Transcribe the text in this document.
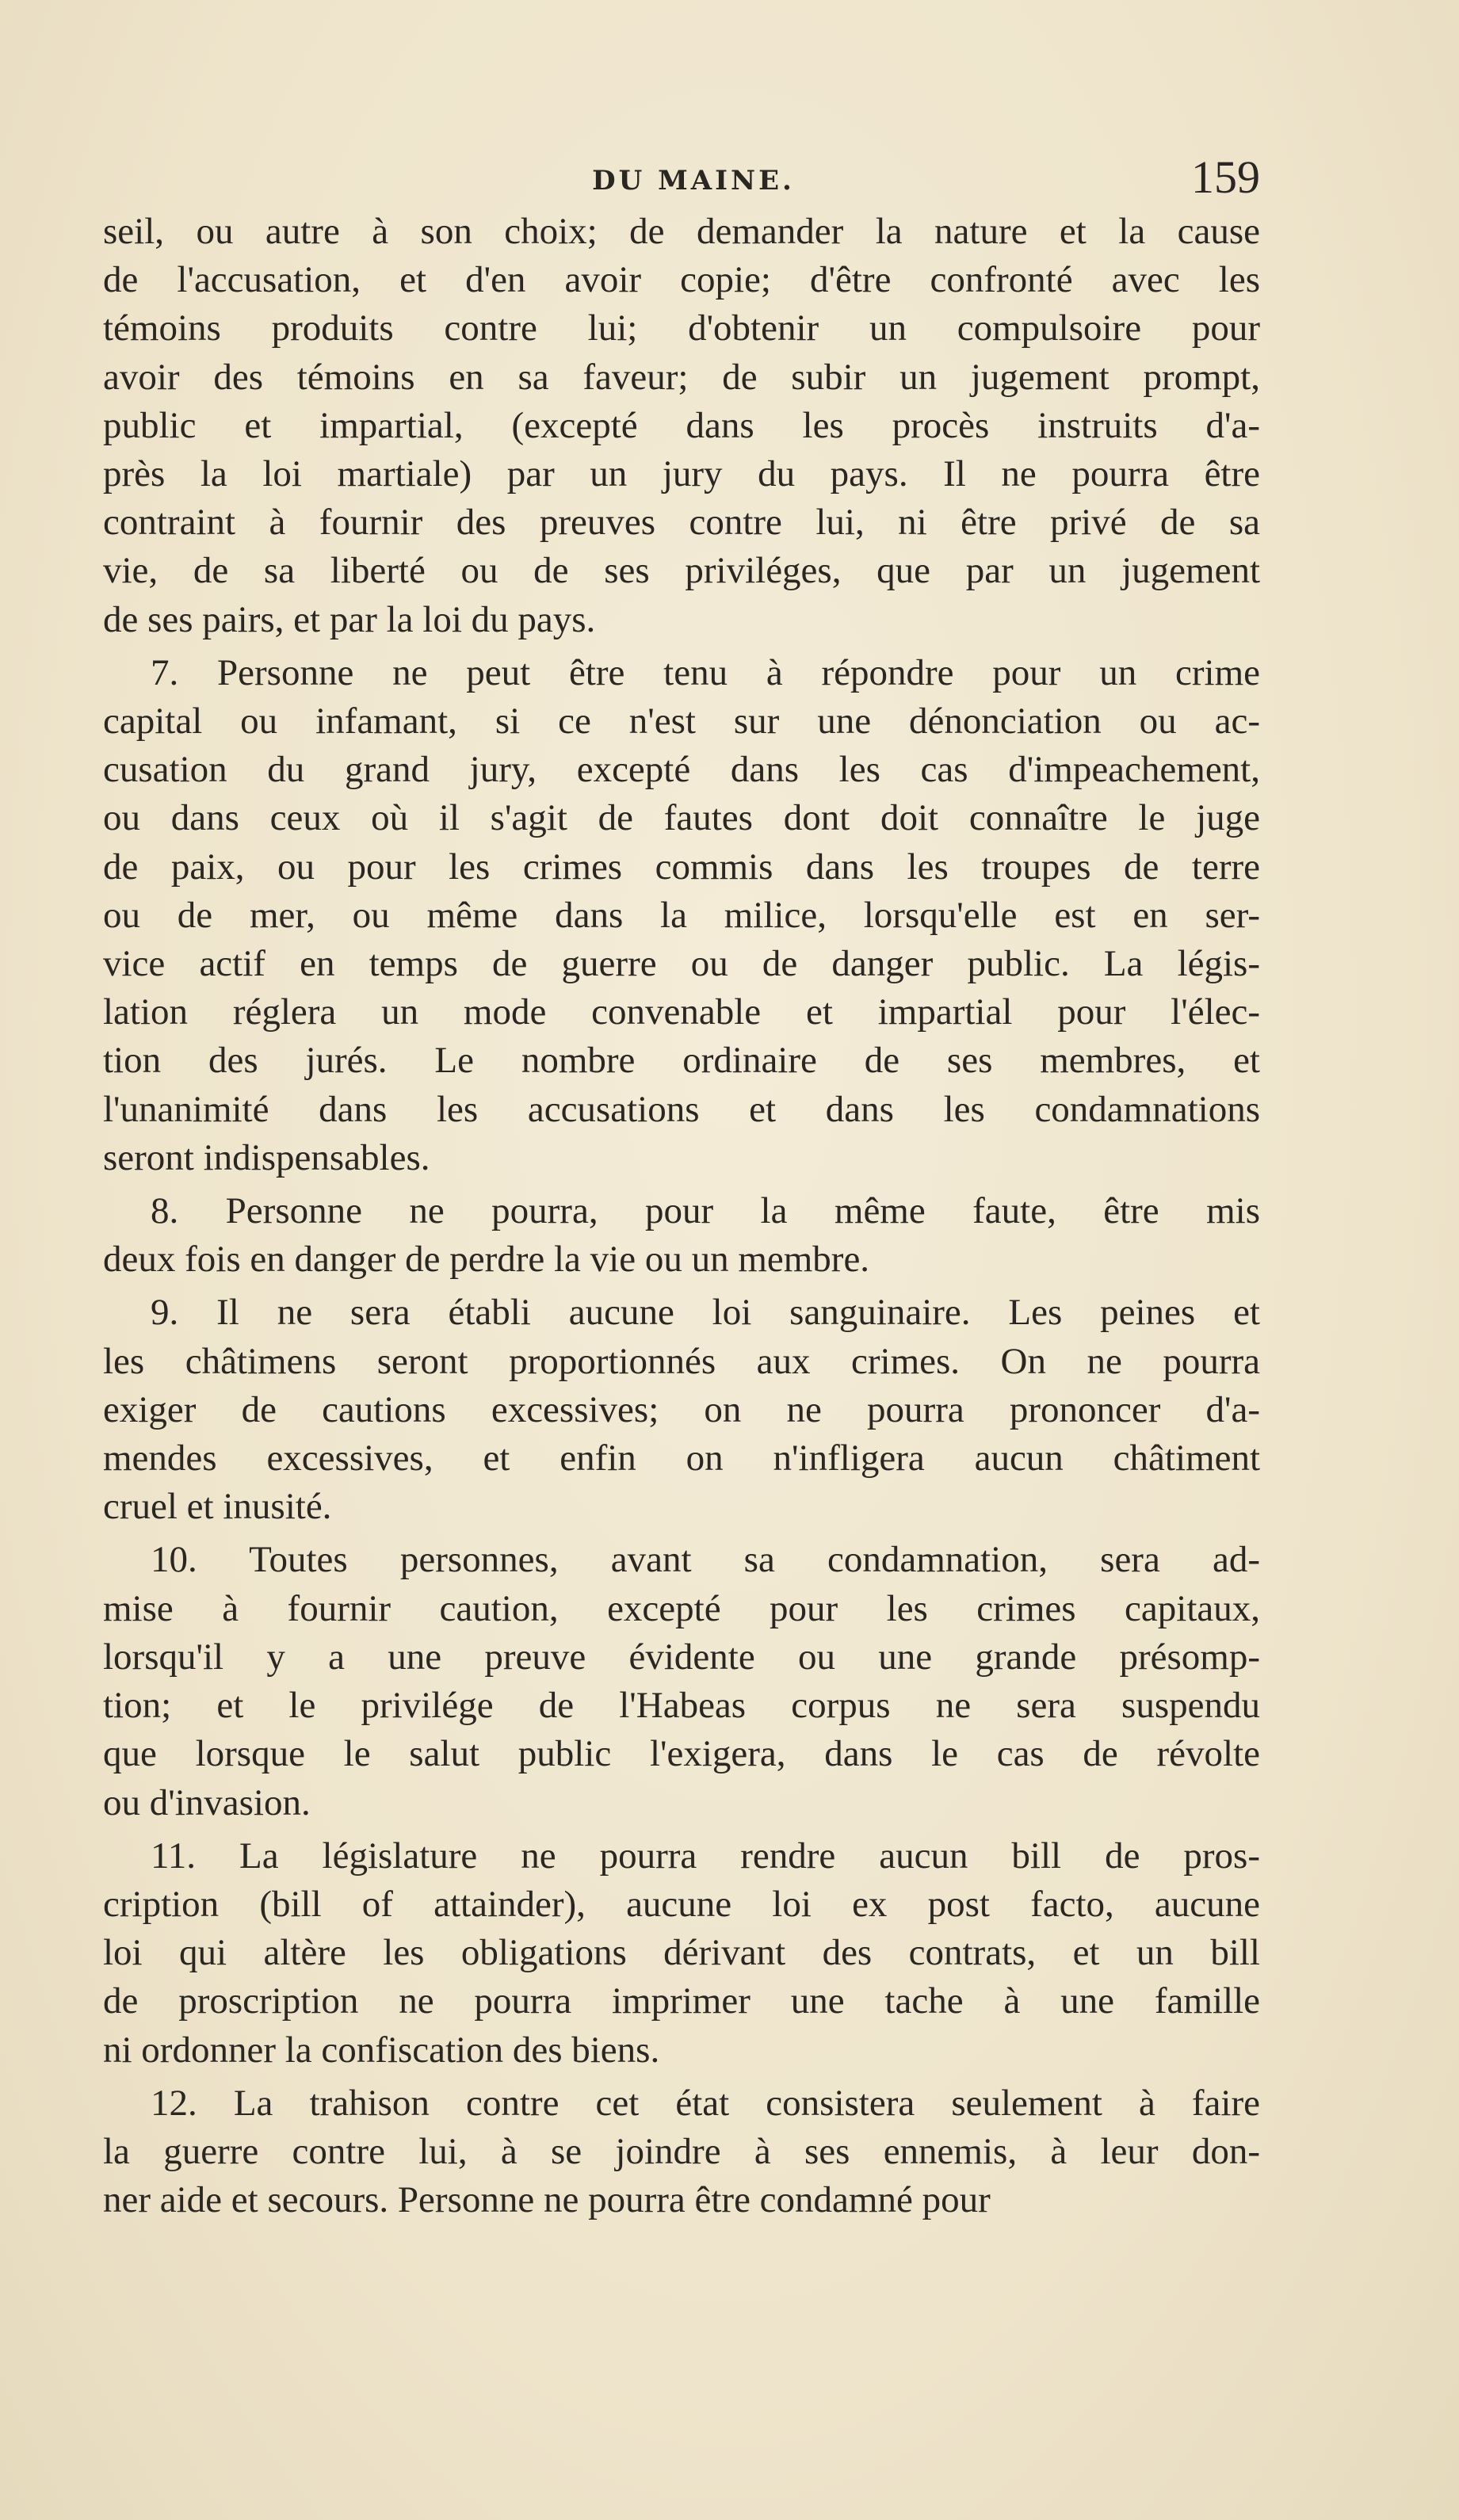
DU MAINE.	159
seil, ou autre à son choix; de demander la nature et la cause
de l'accusation, et d'en avoir copie; d'être confronté avec les
témoins produits contre lui; d'obtenir un compulsoire pour
avoir des témoins en sa faveur; de subir un jugement prompt,
public et impartial, (excepté dans les procès instruits d'a-
près la loi martiale) par un jury du pays. Il ne pourra être
contraint à fournir des preuves contre lui, ni être privé de sa
vie, de sa liberté ou de ses priviléges, que par un jugement
de ses pairs, et par la loi du pays.
7. Personne ne peut être tenu à répondre pour un crime
capital ou infamant, si ce n'est sur une dénonciation ou ac-
cusation du grand jury, excepté dans les cas d'impeachement,
ou dans ceux où il s'agit de fautes dont doit connaître le juge
de paix, ou pour les crimes commis dans les troupes de terre
ou de mer, ou même dans la milice, lorsqu'elle est en ser-
vice actif en temps de guerre ou de danger public. La légis-
lation réglera un mode convenable et impartial pour l'élec-
tion des jurés. Le nombre ordinaire de ses membres, et
l'unanimité dans les accusations et dans les condamnations
seront indispensables.
8. Personne ne pourra, pour la même faute, être mis
deux fois en danger de perdre la vie ou un membre.
9. Il ne sera établi aucune loi sanguinaire. Les peines et
les châtimens seront proportionnés aux crimes. On ne pourra
exiger de cautions excessives; on ne pourra prononcer d'a-
mendes excessives, et enfin on n'infligera aucun châtiment
cruel et inusité.
10. Toutes personnes, avant sa condamnation, sera ad-
mise à fournir caution, excepté pour les crimes capitaux,
lorsqu'il y a une preuve évidente ou une grande présomp-
tion; et le privilége de l'Habeas corpus ne sera suspendu
que lorsque le salut public l'exigera, dans le cas de révolte
ou d'invasion.
11. La législature ne pourra rendre aucun bill de pros-
cription (bill of attainder), aucune loi ex post facto, aucune
loi qui altère les obligations dérivant des contrats, et un bill
de proscription ne pourra imprimer une tache à une famille
ni ordonner la confiscation des biens.
12. La trahison contre cet état consistera seulement à faire
la guerre contre lui, à se joindre à ses ennemis, à leur don-
ner aide et secours. Personne ne pourra être condamné pour
